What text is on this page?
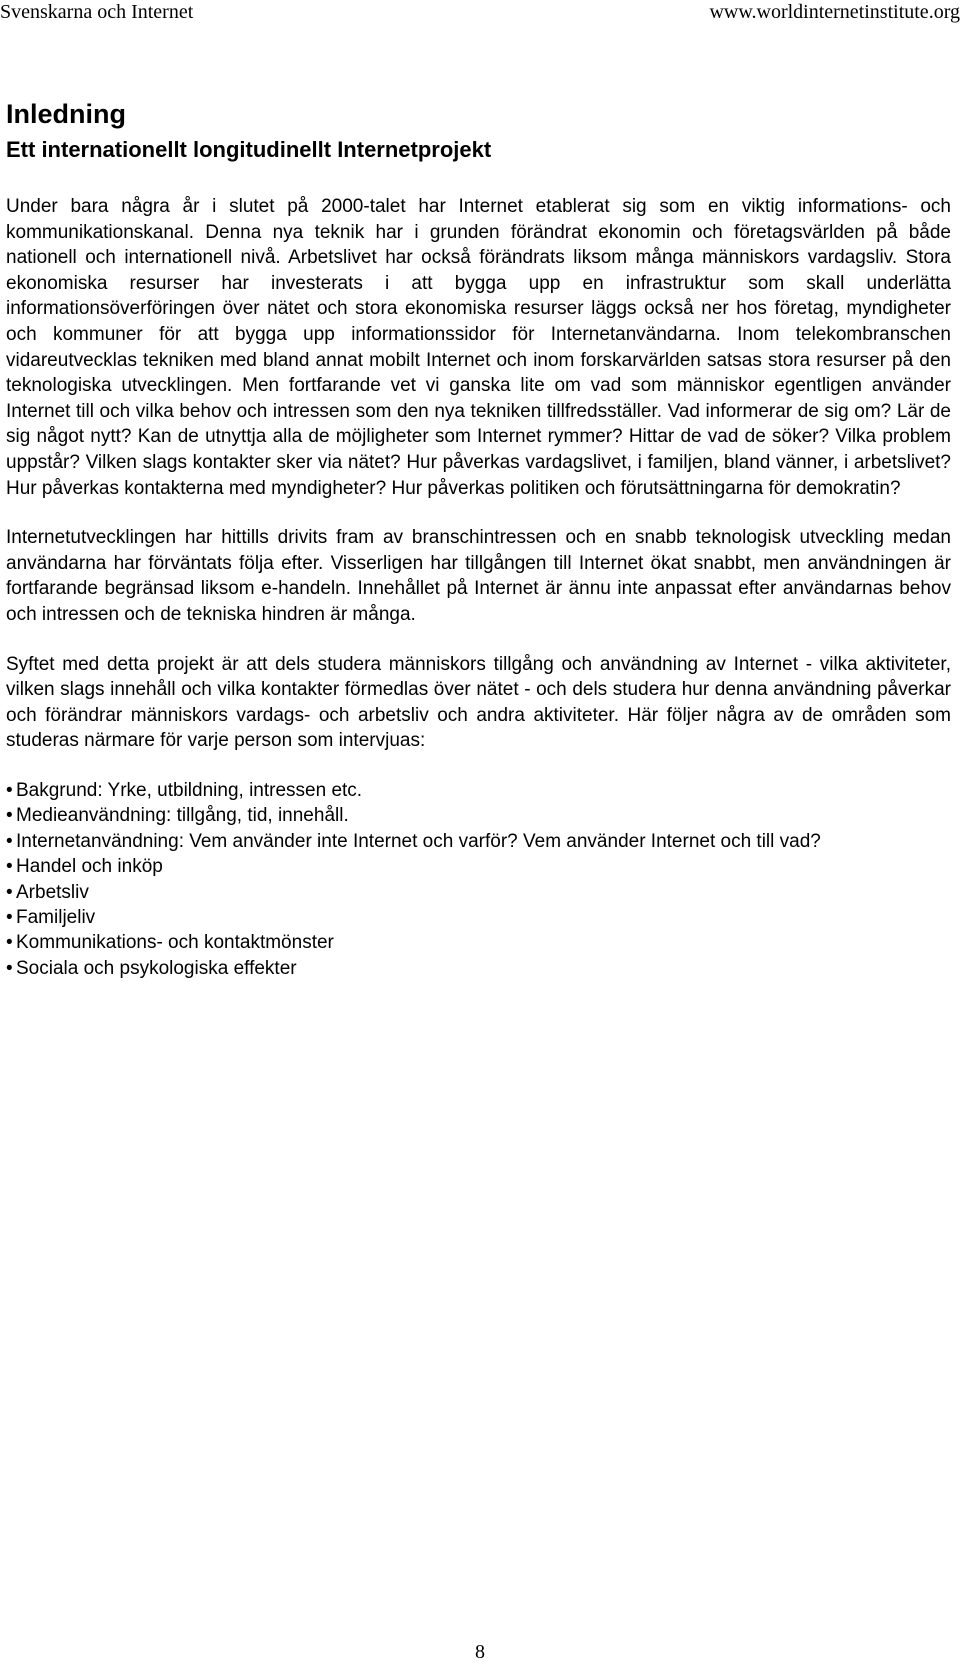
Svenskarna och Internet	www.worldinternetinstitute.org
Inledning
Ett internationellt longitudinellt Internetprojekt

Under bara några år i slutet på 2000-talet har Internet etablerat sig som en viktig informations- och kommunikationskanal. Denna nya teknik har i grunden förändrat ekonomin och företagsvärlden på både nationell och internationell nivå. Arbetslivet har också förändrats liksom många människors vardagsliv. Stora ekonomiska resurser har investerats i att bygga upp en infrastruktur som skall underlätta informationsöverföringen över nätet och stora ekonomiska resurser läggs också ner hos företag, myndigheter och kommuner för att bygga upp informationssidor för Internetanvändarna. Inom telekombranschen vidareutvecklas tekniken med bland annat mobilt Internet och inom forskarvärlden satsas stora resurser på den teknologiska utvecklingen. Men fortfarande vet vi ganska lite om vad som människor egentligen använder Internet till och vilka behov och intressen som den nya tekniken tillfredsställer. Vad informerar de sig om? Lär de sig något nytt? Kan de utnyttja alla de möjligheter som Internet rymmer? Hittar de vad de söker? Vilka problem uppstår? Vilken slags kontakter sker via nätet? Hur påverkas vardagslivet, i familjen, bland vänner, i arbetslivet? Hur påverkas kontakterna med myndigheter? Hur påverkas politiken och förutsättningarna för demokratin?

Internetutvecklingen har hittills drivits fram av branschintressen och en snabb teknologisk utveckling medan användarna har förväntats följa efter. Visserligen har tillgången till Internet ökat snabbt, men användningen är fortfarande begränsad liksom e-handeln. Innehållet på Internet är ännu inte anpassat efter användarnas behov och intressen och de tekniska hindren är många.

Syftet med detta projekt är att dels studera människors tillgång och användning av Internet - vilka aktiviteter, vilken slags innehåll och vilka kontakter förmedlas över nätet - och dels studera hur denna användning påverkar och förändrar människors vardags- och arbetsliv och andra aktiviteter. Här följer några av de områden som studeras närmare för varje person som intervjuas:

• Bakgrund: Yrke, utbildning, intressen etc.
• Medieanvändning: tillgång, tid, innehåll.
• Internetanvändning: Vem använder inte Internet och varför? Vem använder Internet och till vad?
• Handel och inköp
• Arbetsliv
• Familjeliv
• Kommunikations- och kontaktmönster
• Sociala och psykologiska effekter
8
